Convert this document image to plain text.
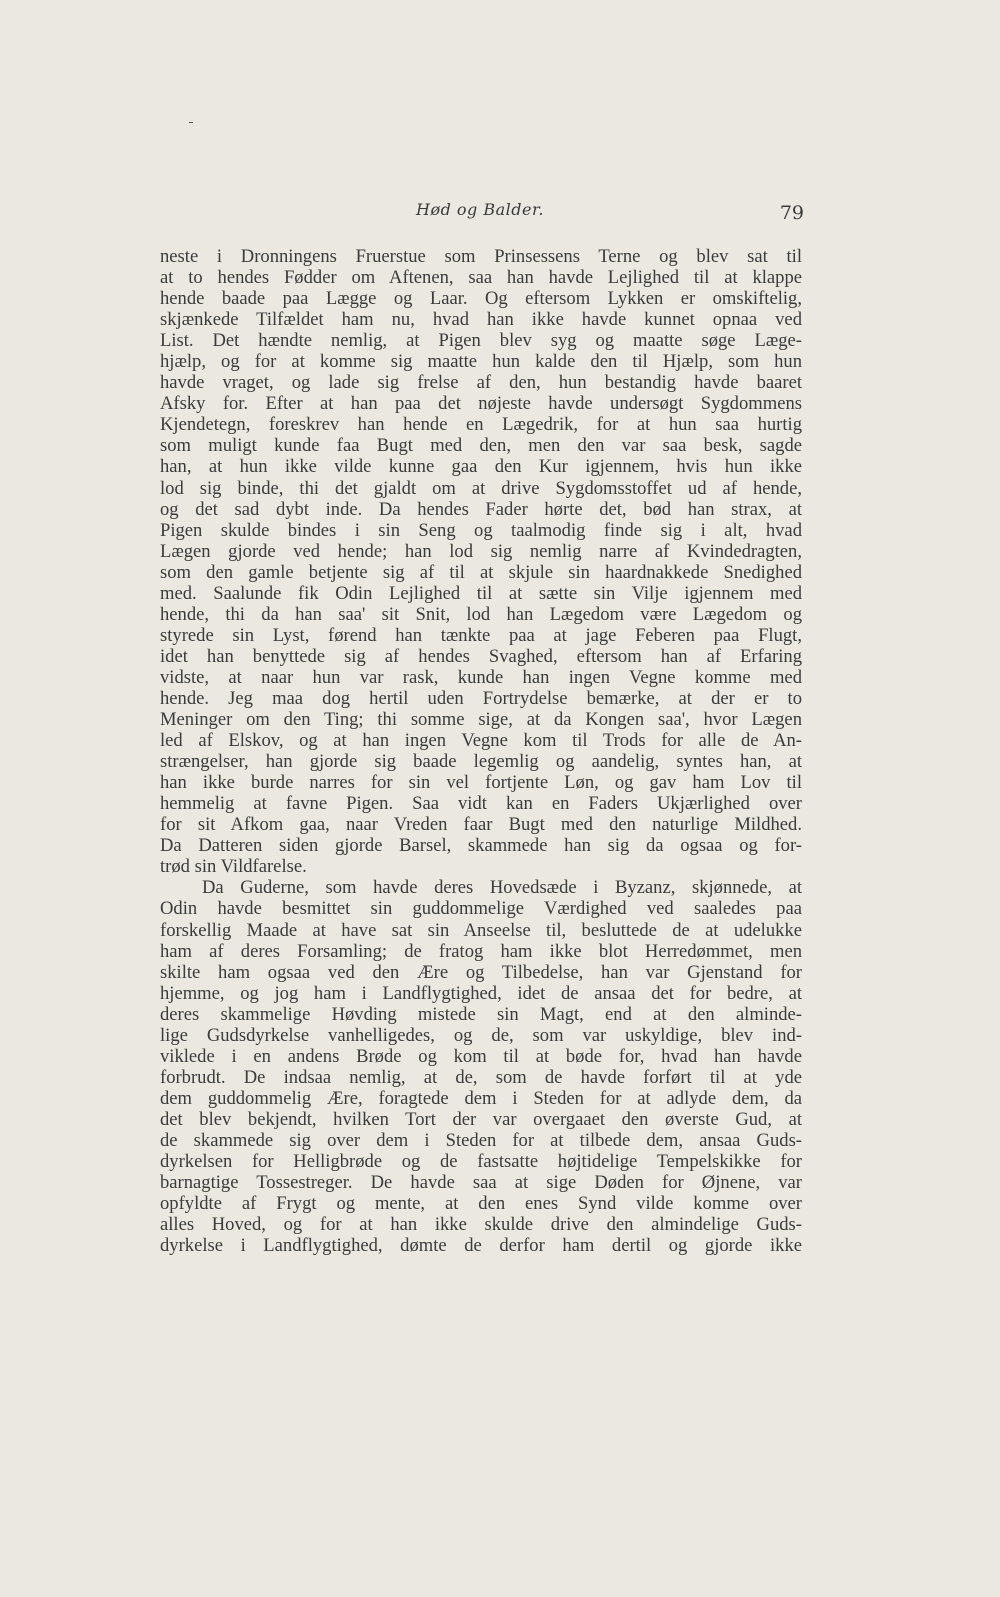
Hød og Balder.	79
neste i Dronningens Fruerstue som Prinsessens Terne og blev sat til
at to hendes Fødder om Aftenen, saa han havde Lejlighed til at klappe
hende baade paa Lægge og Laar. Og eftersom Lykken er omskiftelig,
skjænkede Tilfældet ham nu, hvad han ikke havde kunnet opnaa ved
List. Det hændte nemlig, at Pigen blev syg og maatte søge Læge-
hjælp, og for at komme sig maatte hun kalde den til Hjælp, som hun
havde vraget, og lade sig frelse af den, hun bestandig havde baaret
Afsky for. Efter at han paa det nøjeste havde undersøgt Sygdommens
Kjendetegn, foreskrev han hende en Lægedrik, for at hun saa hurtig
som muligt kunde faa Bugt med den, men den var saa besk, sagde
han, at hun ikke vilde kunne gaa den Kur igjennem, hvis hun ikke
lod sig binde, thi det gjaldt om at drive Sygdomsstoffet ud af hende,
og det sad dybt inde. Da hendes Fader hørte det, bød han strax, at
Pigen skulde bindes i sin Seng og taalmodig finde sig i alt, hvad
Lægen gjorde ved hende; han lod sig nemlig narre af Kvindedragten,
som den gamle betjente sig af til at skjule sin haardnakkede Snedighed
med. Saalunde fik Odin Lejlighed til at sætte sin Vilje igjennem med
hende, thi da han saa' sit Snit, lod han Lægedom være Lægedom og
styrede sin Lyst, førend han tænkte paa at jage Feberen paa Flugt,
idet han benyttede sig af hendes Svaghed, eftersom han af Erfaring
vidste, at naar hun var rask, kunde han ingen Vegne komme med
hende. Jeg maa dog hertil uden Fortrydelse bemærke, at der er to
Meninger om den Ting; thi somme sige, at da Kongen saa', hvor Lægen
led af Elskov, og at han ingen Vegne kom til Trods for alle de An-
strængelser, han gjorde sig baade legemlig og aandelig, syntes han, at
han ikke burde narres for sin vel fortjente Løn, og gav ham Lov til
hemmelig at favne Pigen. Saa vidt kan en Faders Ukjærlighed over
for sit Afkom gaa, naar Vreden faar Bugt med den naturlige Mildhed.
Da Datteren siden gjorde Barsel, skammede han sig da ogsaa og for-
trød sin Vildfarelse.
Da Guderne, som havde deres Hovedsæde i Byzanz, skjønnede, at
Odin havde besmittet sin guddommelige Værdighed ved saaledes paa
forskellig Maade at have sat sin Anseelse til, besluttede de at udelukke
ham af deres Forsamling; de fratog ham ikke blot Herredømmet, men
skilte ham ogsaa ved den Ære og Tilbedelse, han var Gjenstand for
hjemme, og jog ham i Landflygtighed, idet de ansaa det for bedre, at
deres skammelige Høvding mistede sin Magt, end at den alminde-
lige Gudsdyrkelse vanhelligedes, og de, som var uskyldige, blev ind-
viklede i en andens Brøde og kom til at bøde for, hvad han havde
forbrudt. De indsaa nemlig, at de, som de havde forført til at yde
dem guddommelig Ære, foragtede dem i Steden for at adlyde dem, da
det blev bekjendt, hvilken Tort der var overgaaet den øverste Gud, at
de skammede sig over dem i Steden for at tilbede dem, ansaa Guds-
dyrkelsen for Helligbrøde og de fastsatte højtidelige Tempelskikke for
barnagtige Tossestreger. De havde saa at sige Døden for Øjnene, var
opfyldte af Frygt og mente, at den enes Synd vilde komme over
alles Hoved, og for at han ikke skulde drive den almindelige Guds-
dyrkelse i Landflygtighed, dømte de derfor ham dertil og gjorde ikke
